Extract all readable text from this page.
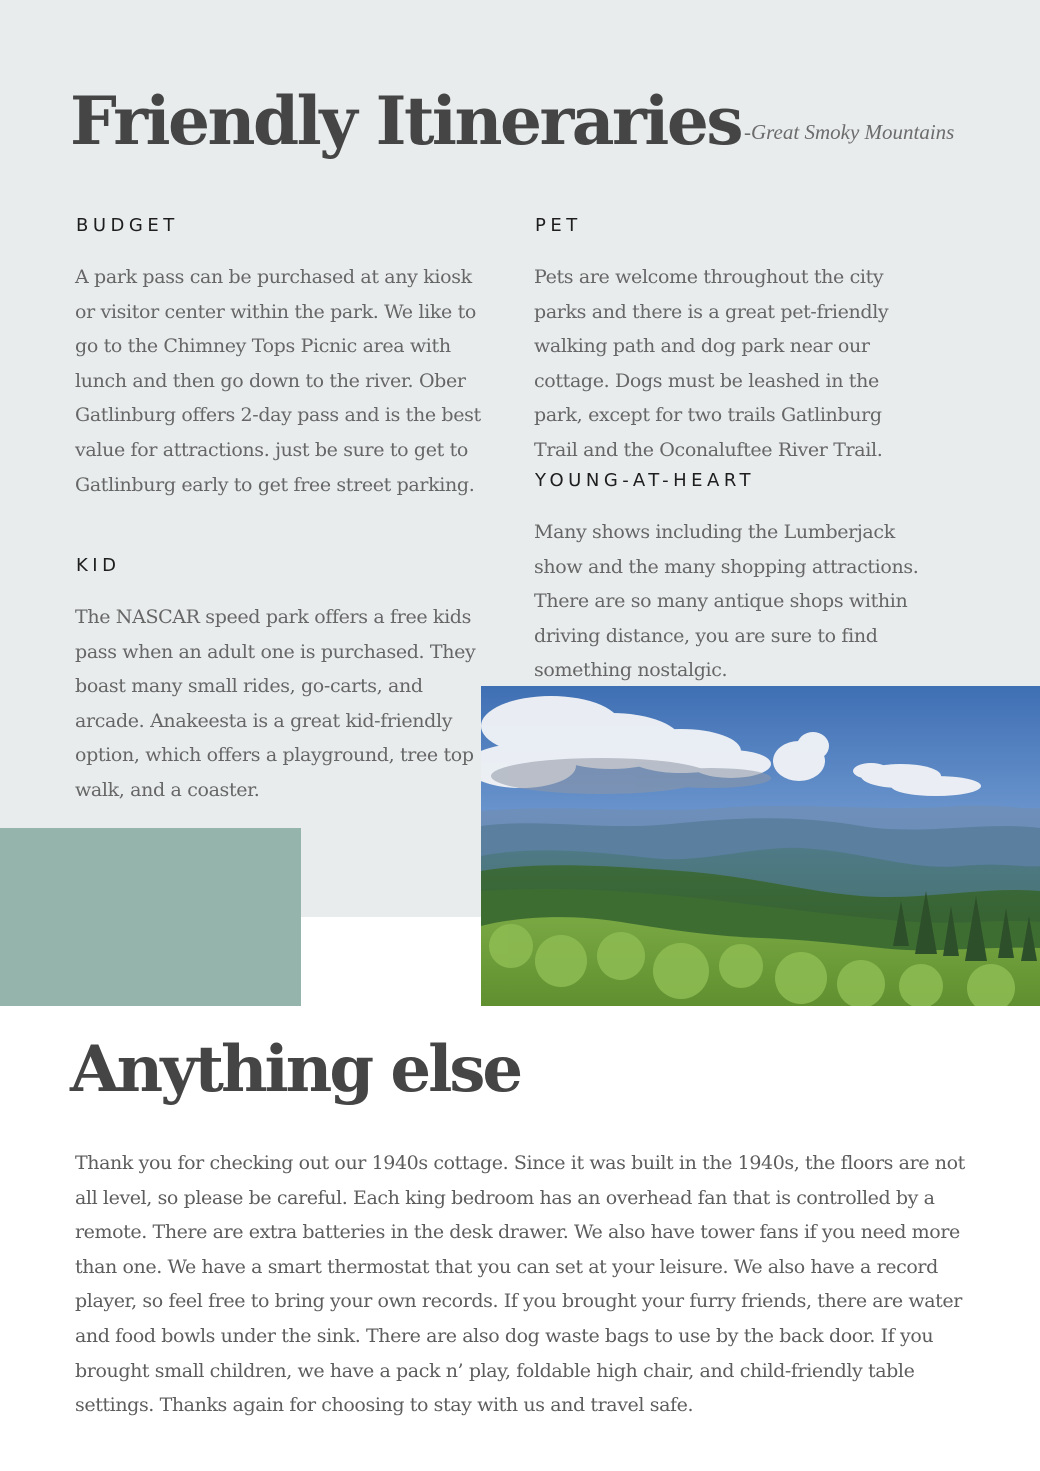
Friendly Itineraries -Great Smoky Mountains
BUDGET

A park pass can be purchased at any kiosk or visitor center within the park. We like to go to the Chimney Tops Picnic area with lunch and then go down to the river. Ober Gatlinburg offers 2-day pass and is the best value for attractions. just be sure to get to Gatlinburg early to get free street parking.

KID

The NASCAR speed park offers a free kids pass when an adult one is purchased. They boast many small rides, go-carts, and arcade. Anakeesta is a great kid-friendly option, which offers a playground, tree top walk, and a coaster.

PET

Pets are welcome throughout the city parks and there is a great pet-friendly walking path and dog park near our cottage. Dogs must be leashed in the park, except for two trails Gatlinburg Trail and the Oconaluftee River Trail.

YOUNG-AT-HEART

Many shows including the Lumberjack show and the many shopping attractions. There are so many antique shops within driving distance, you are sure to find something nostalgic.

Anything else

Thank you for checking out our 1940s cottage. Since it was built in the 1940s, the floors are not all level, so please be careful. Each king bedroom has an overhead fan that is controlled by a remote. There are extra batteries in the desk drawer. We also have tower fans if you need more than one. We have a smart thermostat that you can set at your leisure. We also have a record player, so feel free to bring your own records. If you brought your furry friends, there are water and food bowls under the sink. There are also dog waste bags to use by the back door. If you brought small children, we have a pack n’ play, foldable high chair, and child-friendly table settings. Thanks again for choosing to stay with us and travel safe.
